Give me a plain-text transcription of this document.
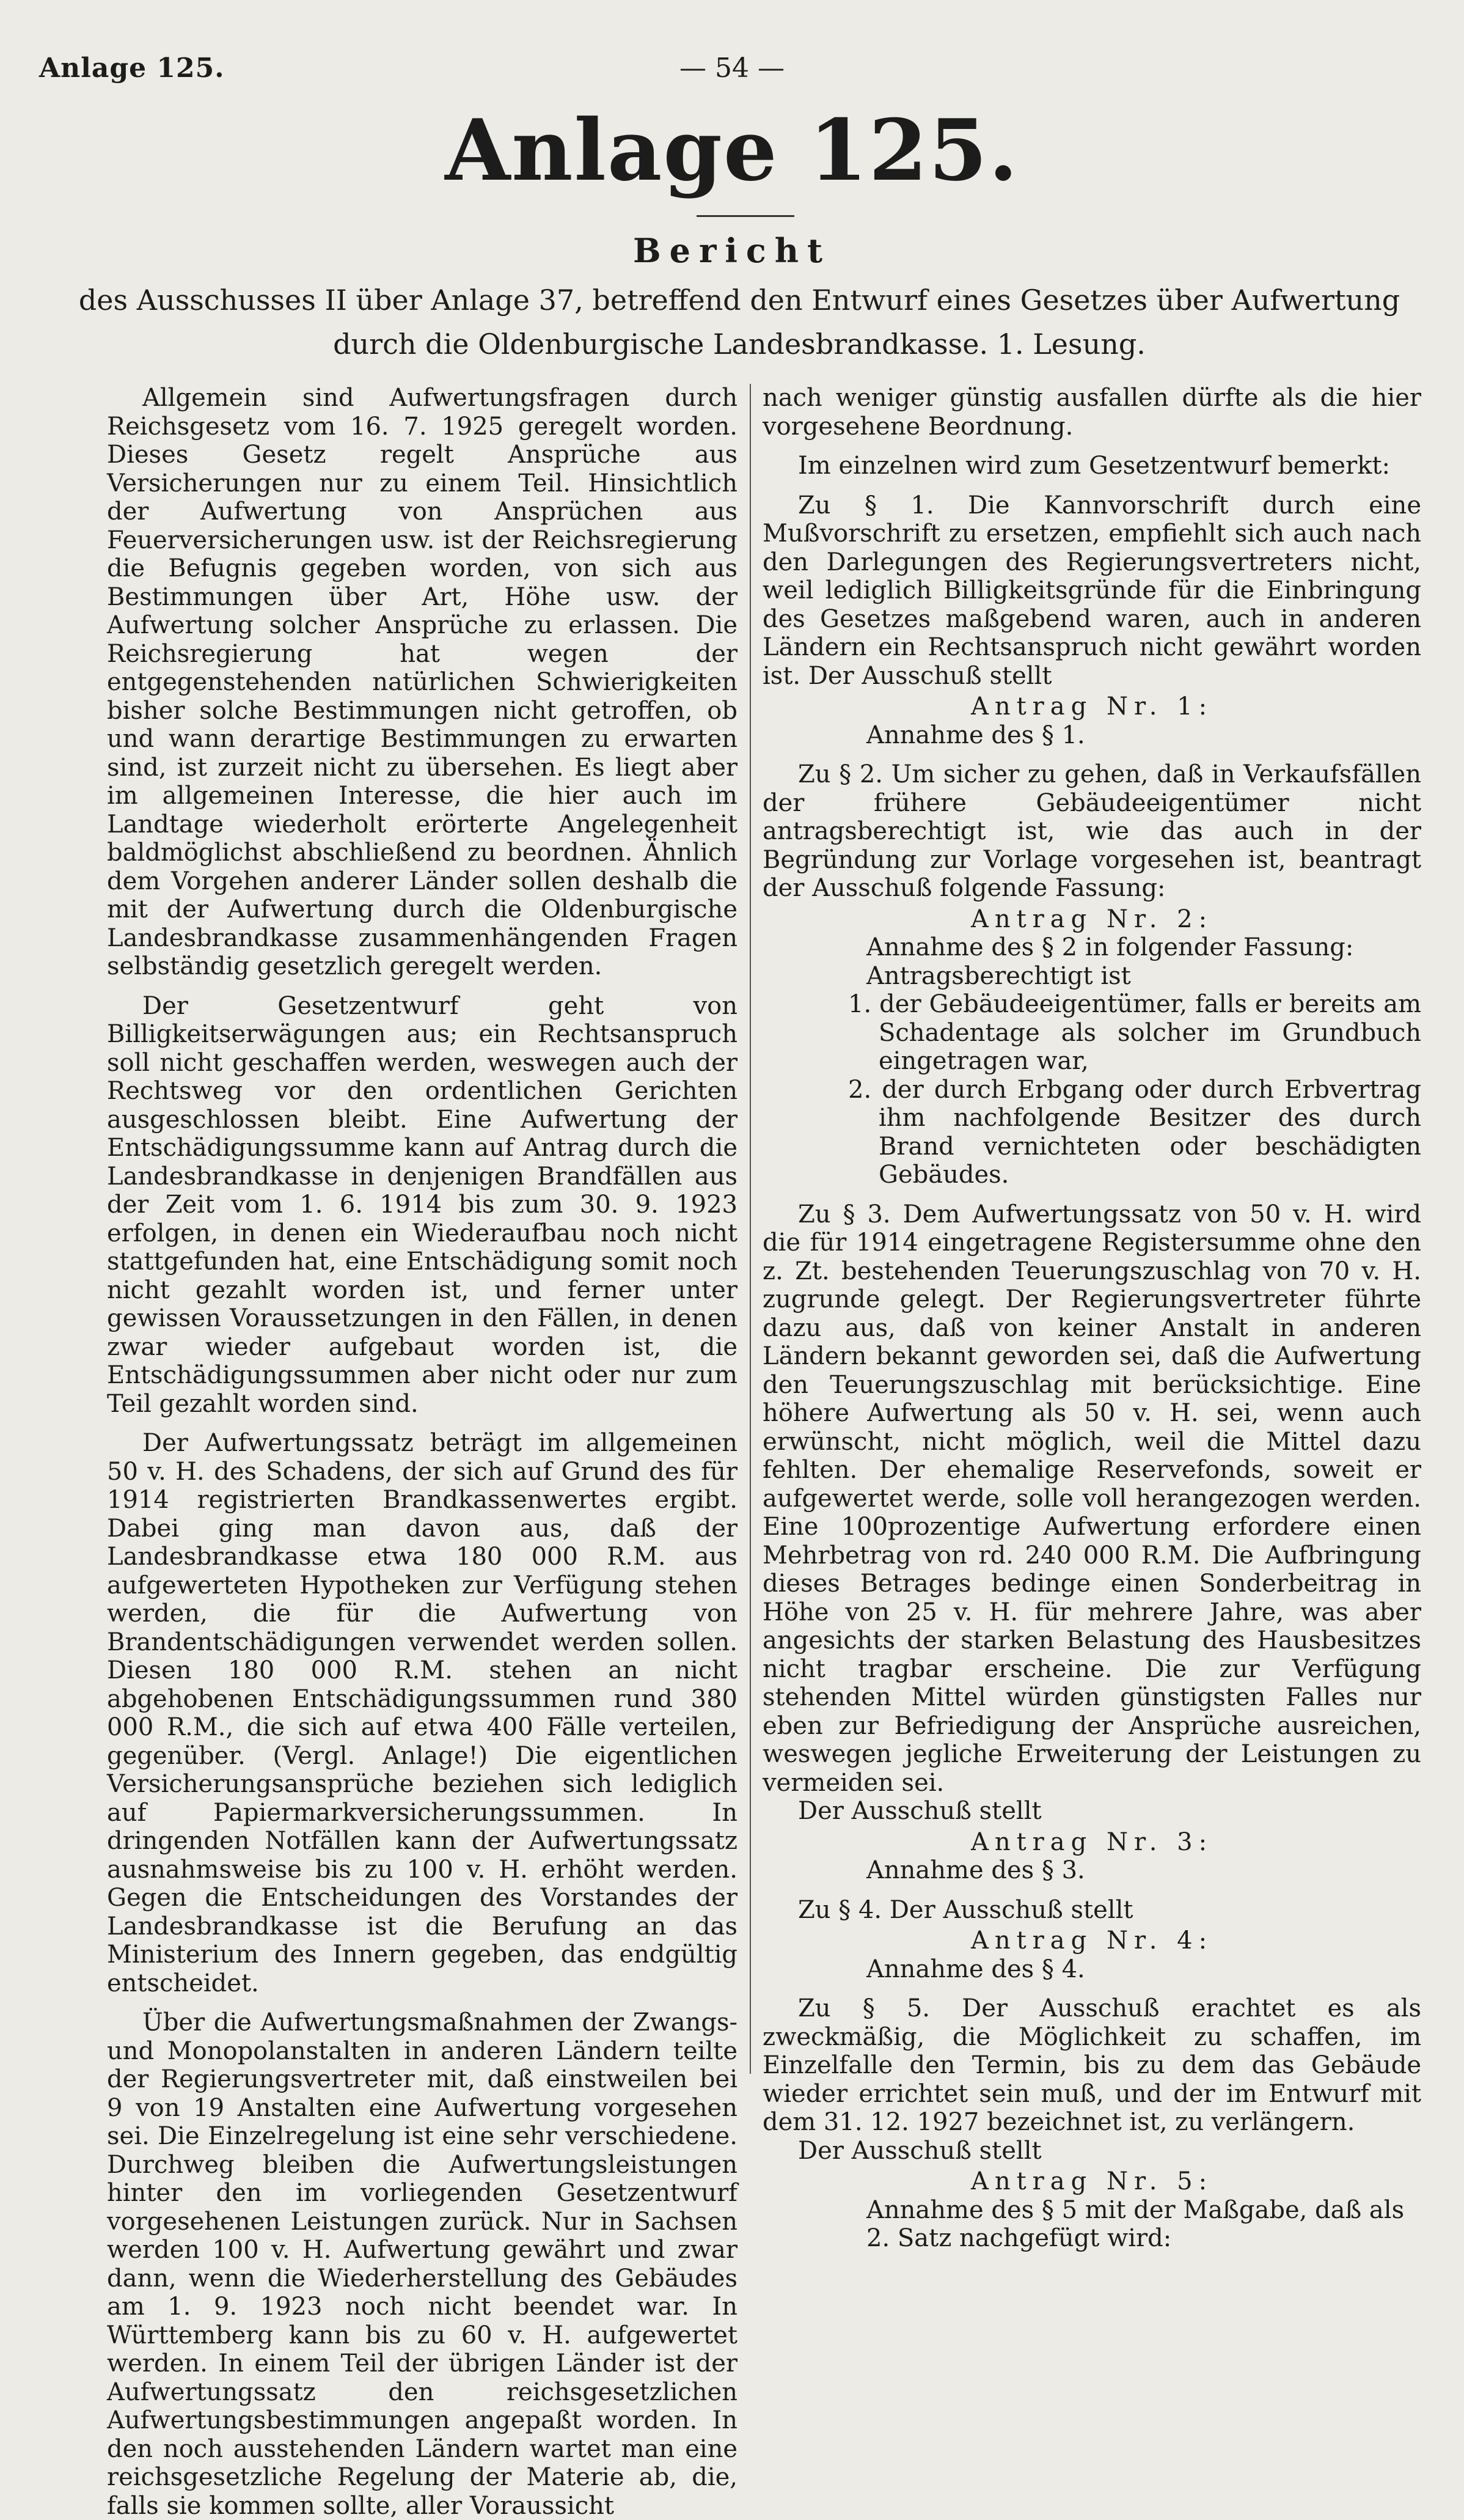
Anlage 125.	— 54 —
Anlage 125.
Bericht
des Ausschusses II über Anlage 37, betreffend den Entwurf eines Gesetzes über Aufwertung durch die Oldenburgische Landesbrandkasse. 1. Lesung.

Allgemein sind Aufwertungsfragen durch Reichsgesetz vom 16. 7. 1925 geregelt worden. Dieses Gesetz regelt Ansprüche aus Versicherungen nur zu einem Teil. Hinsichtlich der Aufwertung von Ansprüchen aus Feuerversicherungen usw. ist der Reichsregierung die Befugnis gegeben worden, von sich aus Bestimmungen über Art, Höhe usw. der Aufwertung solcher Ansprüche zu erlassen. Die Reichsregierung hat wegen der entgegenstehenden natürlichen Schwierigkeiten bisher solche Bestimmungen nicht getroffen, ob und wann derartige Bestimmungen zu erwarten sind, ist zurzeit nicht zu übersehen. Es liegt aber im allgemeinen Interesse, die hier auch im Landtage wiederholt erörterte Angelegenheit baldmöglichst abschließend zu beordnen. Ähnlich dem Vorgehen anderer Länder sollen deshalb die mit der Aufwertung durch die Oldenburgische Landesbrandkasse zusammenhängenden Fragen selbständig gesetzlich geregelt werden.

Der Gesetzentwurf geht von Billigkeitserwägungen aus; ein Rechtsanspruch soll nicht geschaffen werden, weswegen auch der Rechtsweg vor den ordentlichen Gerichten ausgeschlossen bleibt. Eine Aufwertung der Entschädigungssumme kann auf Antrag durch die Landesbrandkasse in denjenigen Brandfällen aus der Zeit vom 1. 6. 1914 bis zum 30. 9. 1923 erfolgen, in denen ein Wiederaufbau noch nicht stattgefunden hat, eine Entschädigung somit noch nicht gezahlt worden ist, und ferner unter gewissen Voraussetzungen in den Fällen, in denen zwar wieder aufgebaut worden ist, die Entschädigungssummen aber nicht oder nur zum Teil gezahlt worden sind.

Der Aufwertungssatz beträgt im allgemeinen 50 v. H. des Schadens, der sich auf Grund des für 1914 registrierten Brandkassenwertes ergibt. Dabei ging man davon aus, daß der Landesbrandkasse etwa 180 000 R.M. aus aufgewerteten Hypotheken zur Verfügung stehen werden, die für die Aufwertung von Brandentschädigungen verwendet werden sollen. Diesen 180 000 R.M. stehen an nicht abgehobenen Entschädigungssummen rund 380 000 R.M., die sich auf etwa 400 Fälle verteilen, gegenüber. (Vergl. Anlage!) Die eigentlichen Versicherungsansprüche beziehen sich lediglich auf Papiermarkversicherungssummen. In dringenden Notfällen kann der Aufwertungssatz ausnahmsweise bis zu 100 v. H. erhöht werden. Gegen die Entscheidungen des Vorstandes der Landesbrandkasse ist die Berufung an das Ministerium des Innern gegeben, das endgültig entscheidet.

Über die Aufwertungsmaßnahmen der Zwangs- und Monopolanstalten in anderen Ländern teilte der Regierungsvertreter mit, daß einstweilen bei 9 von 19 Anstalten eine Aufwertung vorgesehen sei. Die Einzelregelung ist eine sehr verschiedene. Durchweg bleiben die Aufwertungsleistungen hinter den im vorliegenden Gesetzentwurf vorgesehenen Leistungen zurück. Nur in Sachsen werden 100 v. H. Aufwertung gewährt und zwar dann, wenn die Wiederherstellung des Gebäudes am 1. 9. 1923 noch nicht beendet war. In Württemberg kann bis zu 60 v. H. aufgewertet werden. In einem Teil der übrigen Länder ist der Aufwertungssatz den reichsgesetzlichen Aufwertungsbestimmungen angepaßt worden. In den noch ausstehenden Ländern wartet man eine reichsgesetzliche Regelung der Materie ab, die, falls sie kommen sollte, aller Voraussicht

nach weniger günstig ausfallen dürfte als die hier vorgesehene Beordnung.

Im einzelnen wird zum Gesetzentwurf bemerkt:

Zu § 1. Die Kannvorschrift durch eine Mußvorschrift zu ersetzen, empfiehlt sich auch nach den Darlegungen des Regierungsvertreters nicht, weil lediglich Billigkeitsgründe für die Einbringung des Gesetzes maßgebend waren, auch in anderen Ländern ein Rechtsanspruch nicht gewährt worden ist. Der Ausschuß stellt

Antrag Nr. 1:

Annahme des § 1.

Zu § 2. Um sicher zu gehen, daß in Verkaufsfällen der frühere Gebäudeeigentümer nicht antragsberechtigt ist, wie das auch in der Begründung zur Vorlage vorgesehen ist, beantragt der Ausschuß folgende Fassung:

Antrag Nr. 2:

Annahme des § 2 in folgender Fassung:

Antragsberechtigt ist

1. der Gebäudeeigentümer, falls er bereits am Schadentage als solcher im Grundbuch eingetragen war,

2. der durch Erbgang oder durch Erbvertrag ihm nachfolgende Besitzer des durch Brand vernichteten oder beschädigten Gebäudes.

Zu § 3. Dem Aufwertungssatz von 50 v. H. wird die für 1914 eingetragene Registersumme ohne den z. Zt. bestehenden Teuerungszuschlag von 70 v. H. zugrunde gelegt. Der Regierungsvertreter führte dazu aus, daß von keiner Anstalt in anderen Ländern bekannt geworden sei, daß die Aufwertung den Teuerungszuschlag mit berücksichtige. Eine höhere Aufwertung als 50 v. H. sei, wenn auch erwünscht, nicht möglich, weil die Mittel dazu fehlten. Der ehemalige Reservefonds, soweit er aufgewertet werde, solle voll herangezogen werden. Eine 100prozentige Aufwertung erfordere einen Mehrbetrag von rd. 240 000 R.M. Die Aufbringung dieses Betrages bedinge einen Sonderbeitrag in Höhe von 25 v. H. für mehrere Jahre, was aber angesichts der starken Belastung des Hausbesitzes nicht tragbar erscheine. Die zur Verfügung stehenden Mittel würden günstigsten Falles nur eben zur Befriedigung der Ansprüche ausreichen, weswegen jegliche Erweiterung der Leistungen zu vermeiden sei.

Der Ausschuß stellt

Antrag Nr. 3:

Annahme des § 3.

Zu § 4. Der Ausschuß stellt

Antrag Nr. 4:

Annahme des § 4.

Zu § 5. Der Ausschuß erachtet es als zweckmäßig, die Möglichkeit zu schaffen, im Einzelfalle den Termin, bis zu dem das Gebäude wieder errichtet sein muß, und der im Entwurf mit dem 31. 12. 1927 bezeichnet ist, zu verlängern.

Der Ausschuß stellt

Antrag Nr. 5:

Annahme des § 5 mit der Maßgabe, daß als 2. Satz nachgefügt wird:
